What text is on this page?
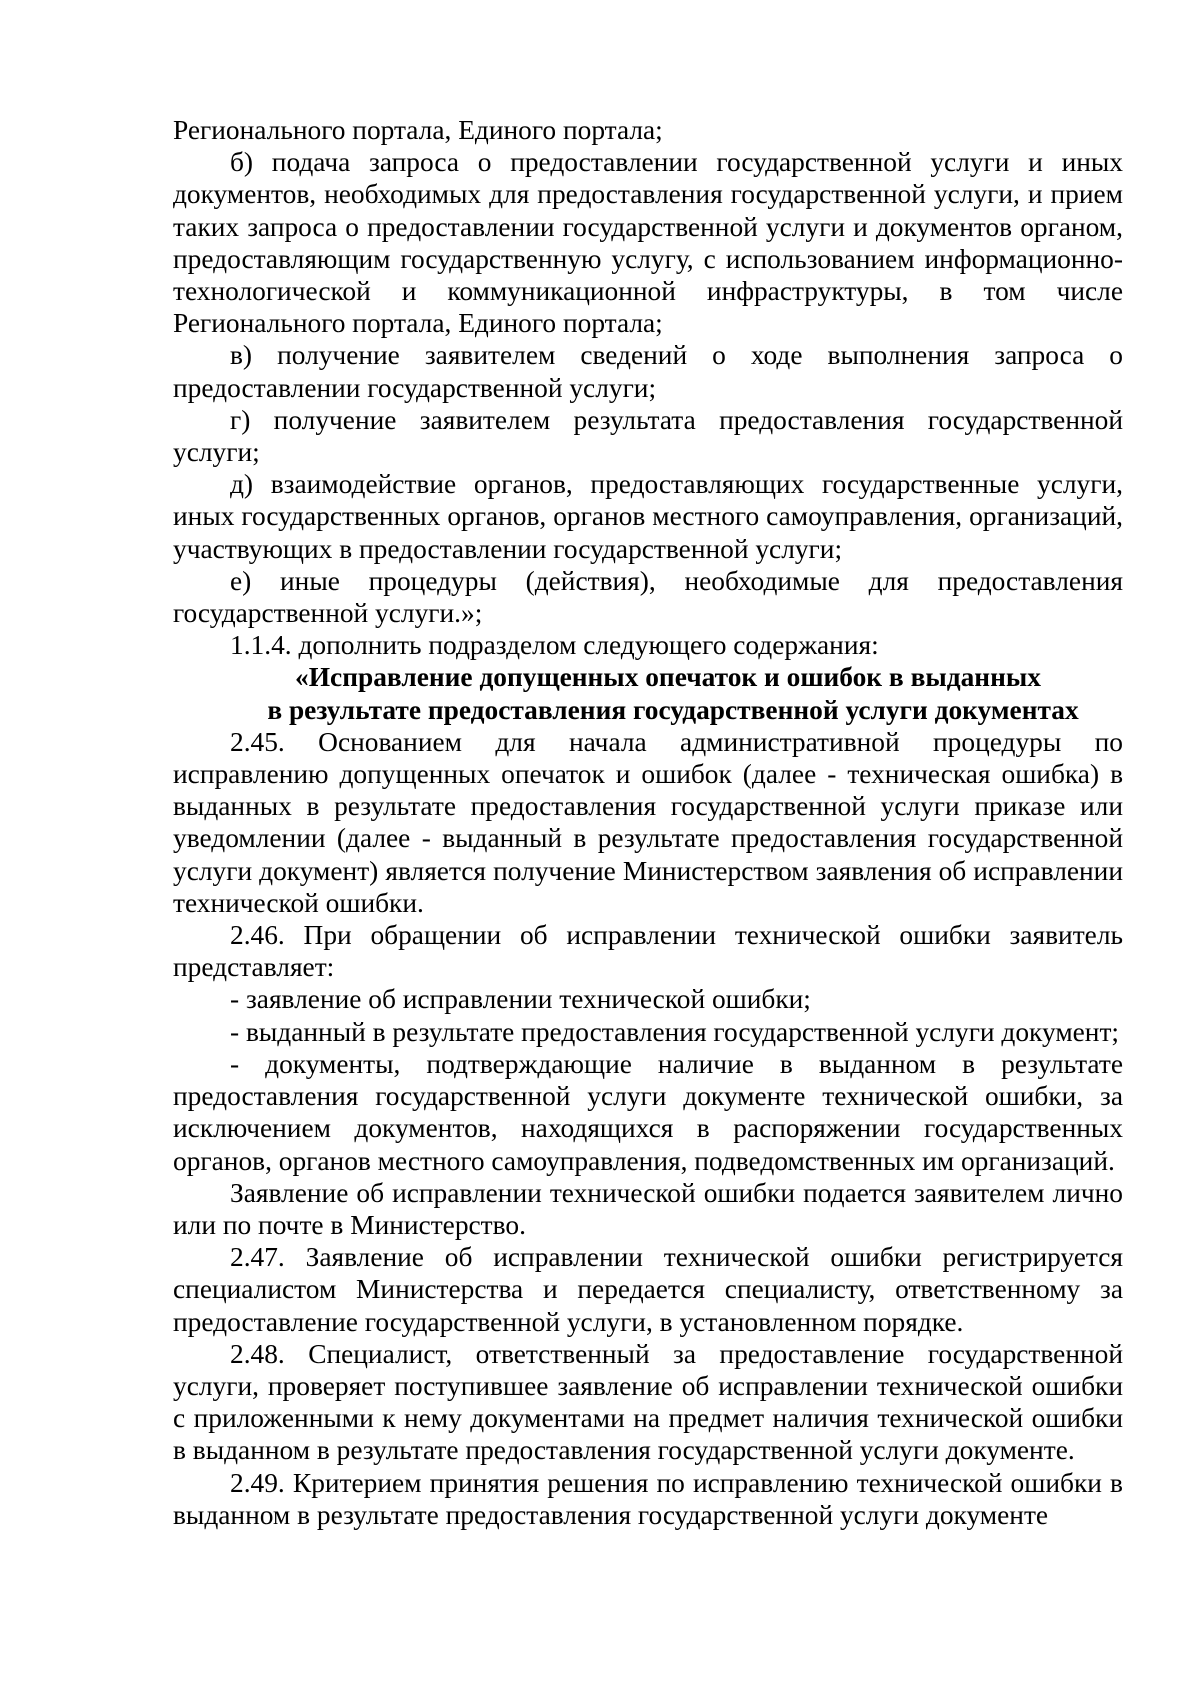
Регионального портала, Единого портала;

б) подача запроса о предоставлении государственной услуги и иных документов, необходимых для предоставления государственной услуги, и прием таких запроса о предоставлении государственной услуги и документов органом, предоставляющим государственную услугу, с использованием информационно-технологической и коммуникационной инфраструктуры, в том числе Регионального портала, Единого портала;

в) получение заявителем сведений о ходе выполнения запроса о предоставлении государственной услуги;

г) получение заявителем результата предоставления государственной услуги;

д) взаимодействие органов, предоставляющих государственные услуги, иных государственных органов, органов местного самоуправления, организаций, участвующих в предоставлении государственной услуги;

е) иные процедуры (действия), необходимые для предоставления государственной услуги.»;

1.1.4. дополнить подразделом следующего содержания:

«Исправление допущенных опечаток и ошибок в выданных
в результате предоставления государственной услуги документах

2.45. Основанием для начала административной процедуры по исправлению допущенных опечаток и ошибок (далее - техническая ошибка) в выданных в результате предоставления государственной услуги приказе или уведомлении (далее - выданный в результате предоставления государственной услуги документ) является получение Министерством заявления об исправлении технической ошибки.

2.46. При обращении об исправлении технической ошибки заявитель представляет:

- заявление об исправлении технической ошибки;

- выданный в результате предоставления государственной услуги документ;

- документы, подтверждающие наличие в выданном в результате предоставления государственной услуги документе технической ошибки, за исключением документов, находящихся в распоряжении государственных органов, органов местного самоуправления, подведомственных им организаций.

Заявление об исправлении технической ошибки подается заявителем лично или по почте в Министерство.

2.47. Заявление об исправлении технической ошибки регистрируется специалистом Министерства и передается специалисту, ответственному за предоставление государственной услуги, в установленном порядке.

2.48. Специалист, ответственный за предоставление государственной услуги, проверяет поступившее заявление об исправлении технической ошибки с приложенными к нему документами на предмет наличия технической ошибки в выданном в результате предоставления государственной услуги документе.

2.49. Критерием принятия решения по исправлению технической ошибки в выданном в результате предоставления государственной услуги документе
